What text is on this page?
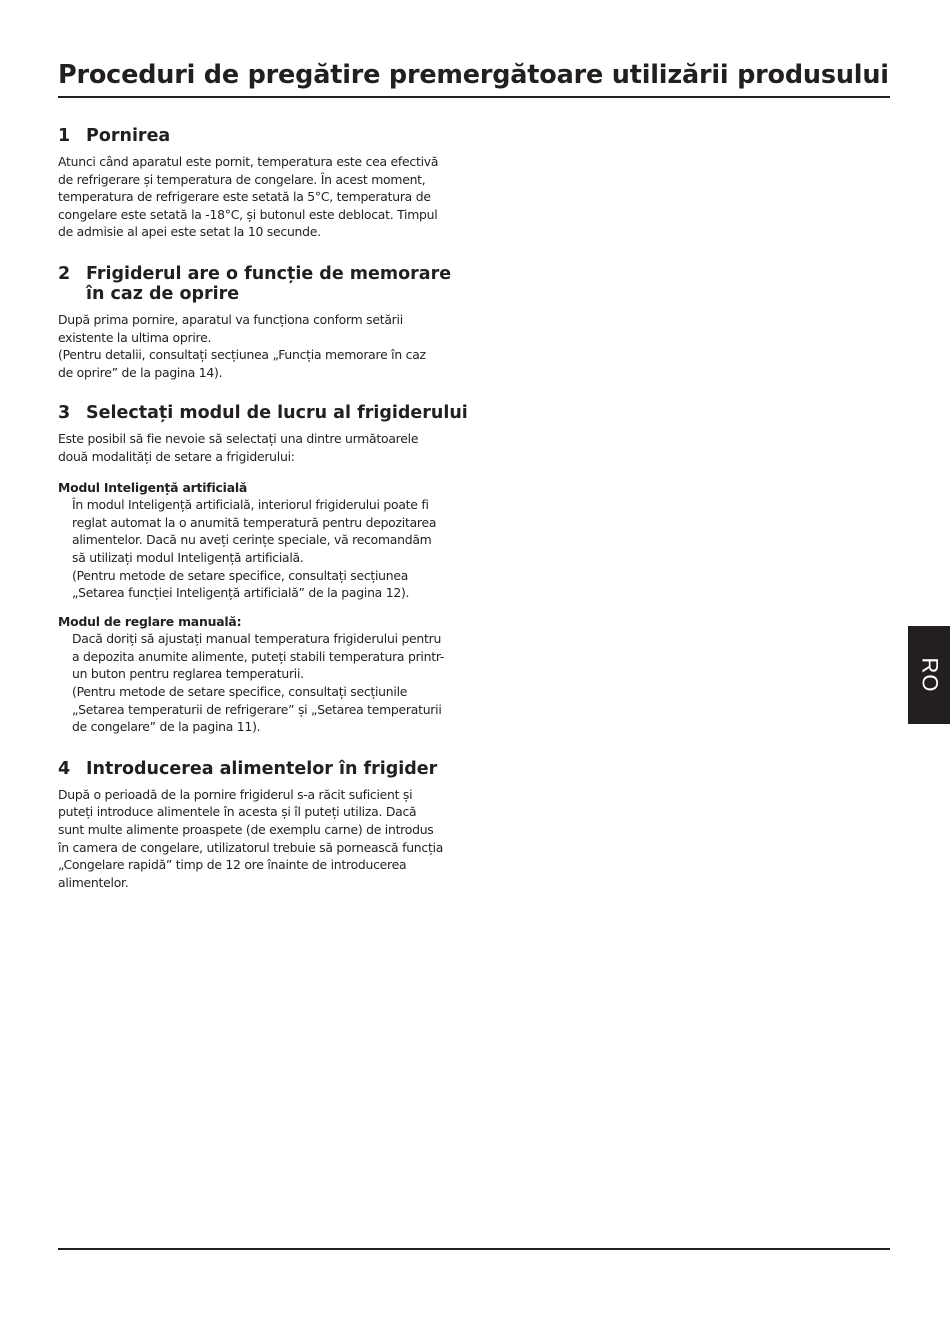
Proceduri de pregătire premergătoare utilizării produsului
1 Pornirea

Atunci când aparatul este pornit, temperatura este cea efectivă
de refrigerare și temperatura de congelare. În acest moment,
temperatura de refrigerare este setată la 5°C, temperatura de
congelare este setată la -18°C, și butonul este deblocat. Timpul
de admisie al apei este setat la 10 secunde.

2 Frigiderul are o funcție de memorare în caz de oprire

După prima pornire, aparatul va funcționa conform setării
existente la ultima oprire.
(Pentru detalii, consultați secțiunea „Funcția memorare în caz
de oprire” de la pagina 14).

3 Selectați modul de lucru al frigiderului

Este posibil să fie nevoie să selectați una dintre următoarele
două modalități de setare a frigiderului:

Modul Inteligență artificială

În modul Inteligență artificială, interiorul frigiderului poate fi
reglat automat la o anumită temperatură pentru depozitarea
alimentelor. Dacă nu aveți cerințe speciale, vă recomandăm
să utilizați modul Inteligență artificială.
(Pentru metode de setare specifice, consultați secțiunea
„Setarea funcției Inteligență artificială” de la pagina 12).

Modul de reglare manuală:

Dacă doriți să ajustați manual temperatura frigiderului pentru
a depozita anumite alimente, puteți stabili temperatura printr-
un buton pentru reglarea temperaturii.
(Pentru metode de setare specifice, consultați secțiunile
„Setarea temperaturii de refrigerare” și „Setarea temperaturii
de congelare” de la pagina 11).

4 Introducerea alimentelor în frigider

După o perioadă de la pornire frigiderul s-a răcit suficient și
puteți introduce alimentele în acesta și îl puteți utiliza. Dacă
sunt multe alimente proaspete (de exemplu carne) de introdus
în camera de congelare, utilizatorul trebuie să pornească funcția
„Congelare rapidă” timp de 12 ore înainte de introducerea
alimentelor.

RO
